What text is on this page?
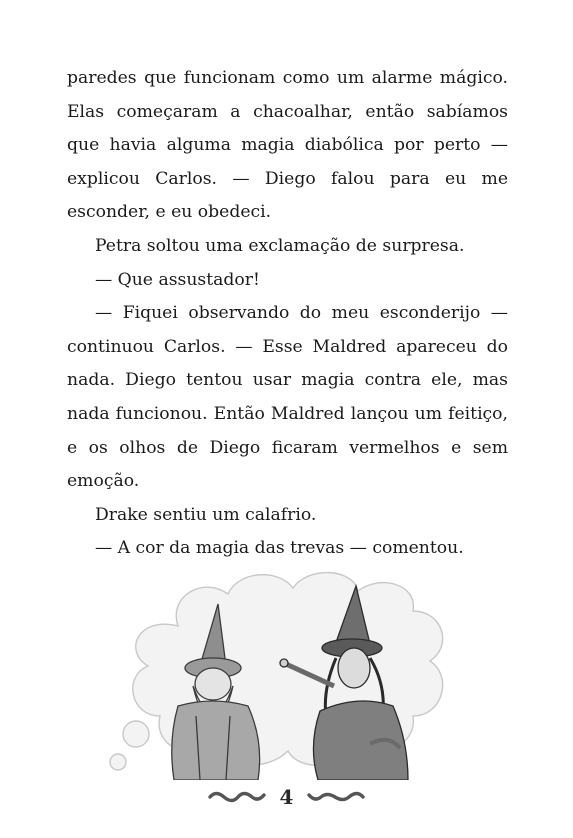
paredes que funcionam como um alarme mágico. Elas começaram a chacoalhar, então sabíamos que havia alguma magia diabólica por perto — explicou Carlos. — Diego falou para eu me esconder, e eu obedeci.

Petra soltou uma exclamação de surpresa.

— Que assustador!

— Fiquei observando do meu esconderijo — continuou Carlos. — Esse Maldred apareceu do nada. Diego tentou usar magia contra ele, mas nada funcionou. Então Maldred lançou um feitiço, e os olhos de Diego ficaram vermelhos e sem emoção.

Drake sentiu um calafrio.

— A cor da magia das trevas — comentou.

4
